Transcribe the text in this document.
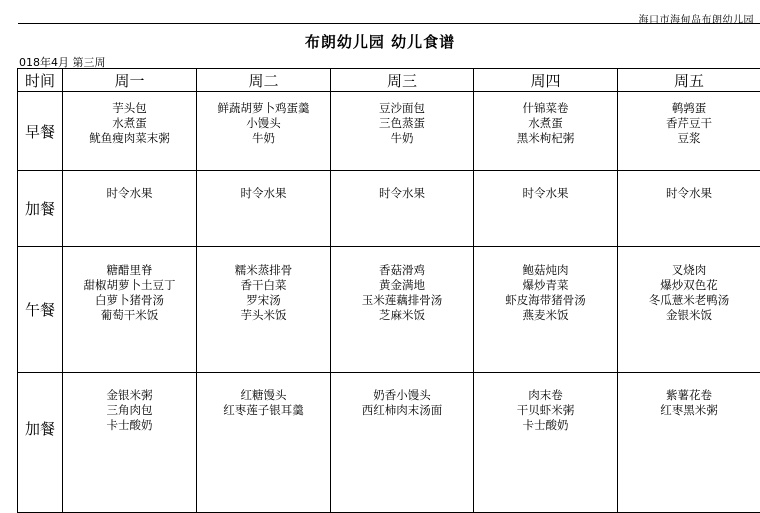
海口市海甸岛布朗幼儿园
布朗幼儿园 幼儿食谱
018年4月 第三周
时间	周一	周二	周三	周四	周五
早餐	芋头包
水煮蛋
鱿鱼瘦肉菜末粥	鲜蔬胡萝卜鸡蛋羹
小馒头
牛奶	豆沙面包
三色蒸蛋
牛奶	什锦菜卷
水煮蛋
黑米枸杞粥	鹌鹑蛋
香芹豆干
豆浆

加餐	时令水果	时令水果	时令水果	时令水果	时令水果

午餐	糖醋里脊
甜椒胡萝卜土豆丁
白萝卜猪骨汤
葡萄干米饭	糯米蒸排骨
香干白菜
罗宋汤
芋头米饭	香菇滑鸡
黄金满地
玉米莲藕排骨汤
芝麻米饭	鲍菇炖肉
爆炒青菜
虾皮海带猪骨汤
燕麦米饭	叉烧肉
爆炒双色花
冬瓜薏米老鸭汤
金银米饭

加餐	金银米粥
三角肉包
卡士酸奶	红糖馒头
红枣莲子银耳羹	奶香小馒头
西红柿肉末汤面	肉末卷
干贝虾米粥
卡士酸奶	紫薯花卷
红枣黑米粥
